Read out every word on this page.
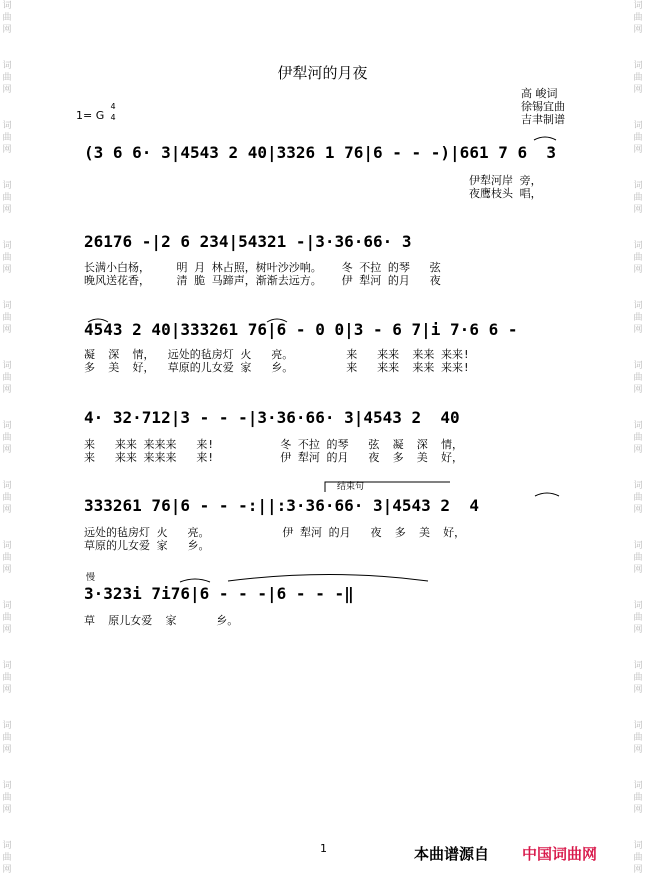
词
曲
网

词
曲
网

词
曲
网

词
曲
网

词
曲
网

词
曲
网

词
曲
网

词
曲
网

词
曲
网

词
曲
网

词
曲
网

词
曲
网

词
曲
网

词
曲
网

词
曲
网
词
曲
网

词
曲
网

词
曲
网

词
曲
网

词
曲
网

词
曲
网

词
曲
网

词
曲
网

词
曲
网

词
曲
网

词
曲
网

词
曲
网

词
曲
网

词
曲
网

词
曲
网
伊犁河的月夜
高 峻词
徐锡宜曲
吉聿制谱
1= G
4
4
(3 6 6· 3|4543 2 40|3326 1 76|6 - - -)|661 7 6  3
伊犁河岸 旁，
夜鹰枝头 唱，
26176 -|2 6 234|54321 -|3·36·66· 3
长满小白杨，    明 月 林占照，树叶沙沙响。   冬 不拉 的琴   弦
晚风送花香，    清 脆 马蹄声，渐渐去远方。   伊 犁河 的月   夜
4543 2 40|333261 76|6 - 0 0|3 - 6 7|i 7·6 6 -
凝  深  情，  远处的毡房灯 火   亮。        来   来来  来来 来来!
多  美  好，  草原的儿女爱 家   乡。        来   来来  来来 来来!
4· 32·712|3 - - -|3·36·66· 3|4543 2  40
来   来来 来来来   来!          冬 不拉 的琴   弦  凝  深  情，
来   来来 来来来   来!          伊 犁河 的月   夜  多  美  好，
结束句
333261 76|6 - - -:||:3·36·66· 3|4543 2  4
远处的毡房灯 火   亮。           伊 犁河 的月   夜  多  美  好，
草原的儿女爱 家   乡。
慢
3·323i 7i76|6 - - -|6 - - -‖
草  原儿女爱  家      乡。
1	本曲谱源自 中国词曲网
